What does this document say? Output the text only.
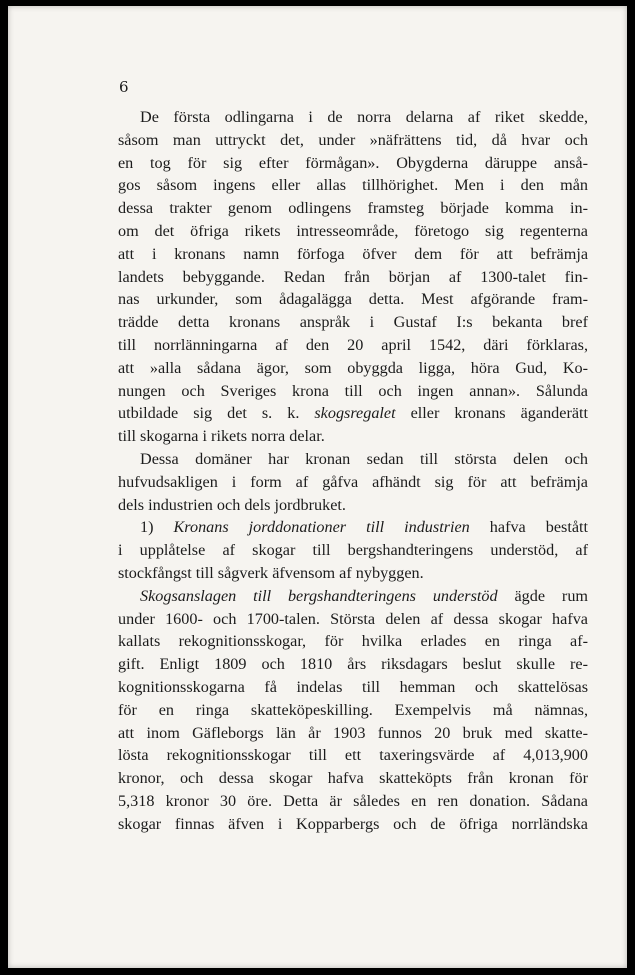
6

De första odlingarna i de norra delarna af riket skedde,
såsom man uttryckt det, under »näfrättens tid, då hvar och
en tog för sig efter förmågan». Obygderna däruppe anså-
gos såsom ingens eller allas tillhörighet. Men i den mån
dessa trakter genom odlingens framsteg började komma in-
om det öfriga rikets intresseområde, företogo sig regenterna
att i kronans namn förfoga öfver dem för att befrämja
landets bebyggande. Redan från början af 1300-talet fin-
nas urkunder, som ådagalägga detta. Mest afgörande fram-
trädde detta kronans anspråk i Gustaf I:s bekanta bref
till norrlänningarna af den 20 april 1542, däri förklaras,
att »alla sådana ägor, som obyggda ligga, höra Gud, Ko-
nungen och Sveriges krona till och ingen annan». Sålunda
utbildade sig det s. k. skogsregalet eller kronans äganderätt
till skogarna i rikets norra delar.

Dessa domäner har kronan sedan till största delen och
hufvudsakligen i form af gåfva afhändt sig för att befrämja
dels industrien och dels jordbruket.

1) Kronans jorddonationer till industrien hafva bestått
i upplåtelse af skogar till bergshandteringens understöd, af
stockfångst till sågverk äfvensom af nybyggen.

Skogsanslagen till bergshandteringens understöd ägde rum
under 1600- och 1700-talen. Största delen af dessa skogar hafva
kallats rekognitionsskogar, för hvilka erlades en ringa af-
gift. Enligt 1809 och 1810 års riksdagars beslut skulle re-
kognitionsskogarna få indelas till hemman och skattelösas
för en ringa skatteköpeskilling. Exempelvis må nämnas,
att inom Gäfleborgs län år 1903 funnos 20 bruk med skatte-
lösta rekognitionsskogar till ett taxeringsvärde af 4,013,900
kronor, och dessa skogar hafva skatteköpts från kronan för
5,318 kronor 30 öre. Detta är således en ren donation. Sådana
skogar finnas äfven i Kopparbergs och de öfriga norrländska
